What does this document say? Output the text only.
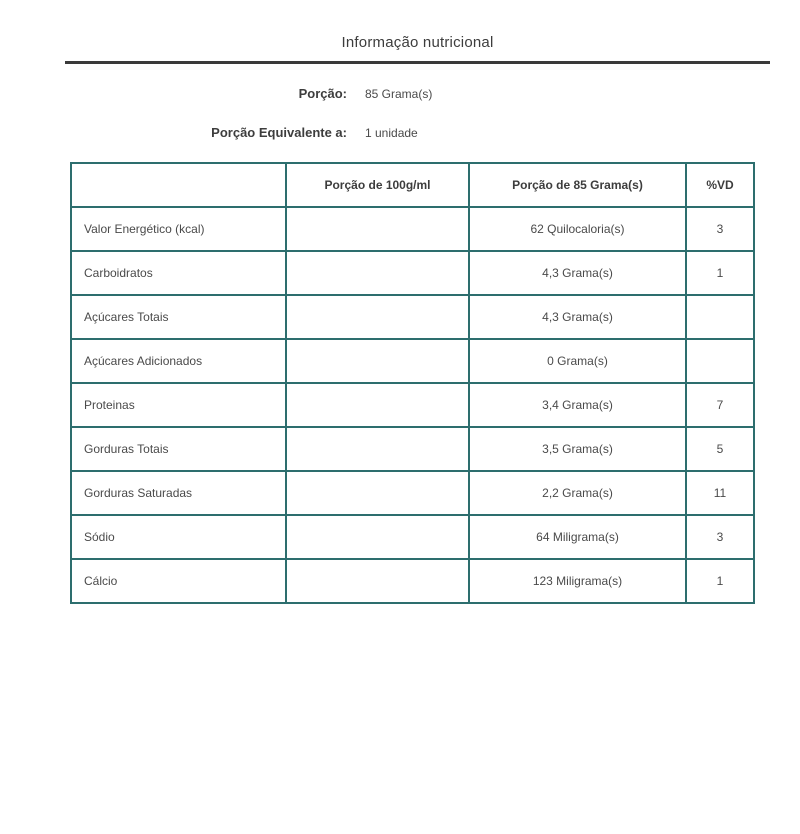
Informação nutricional
Porção: 85 Grama(s)
Porção Equivalente a: 1 unidade
	Porção de 100g/ml	Porção de 85 Grama(s)	%VD
Valor Energético (kcal)		62 Quilocaloria(s)	3
Carboidratos		4,3 Grama(s)	1
Açúcares Totais		4,3 Grama(s)	
Açúcares Adicionados		0 Grama(s)	
Proteinas		3,4 Grama(s)	7
Gorduras Totais		3,5 Grama(s)	5
Gorduras Saturadas		2,2 Grama(s)	11
Sódio		64 Miligrama(s)	3
Cálcio		123 Miligrama(s)	1
